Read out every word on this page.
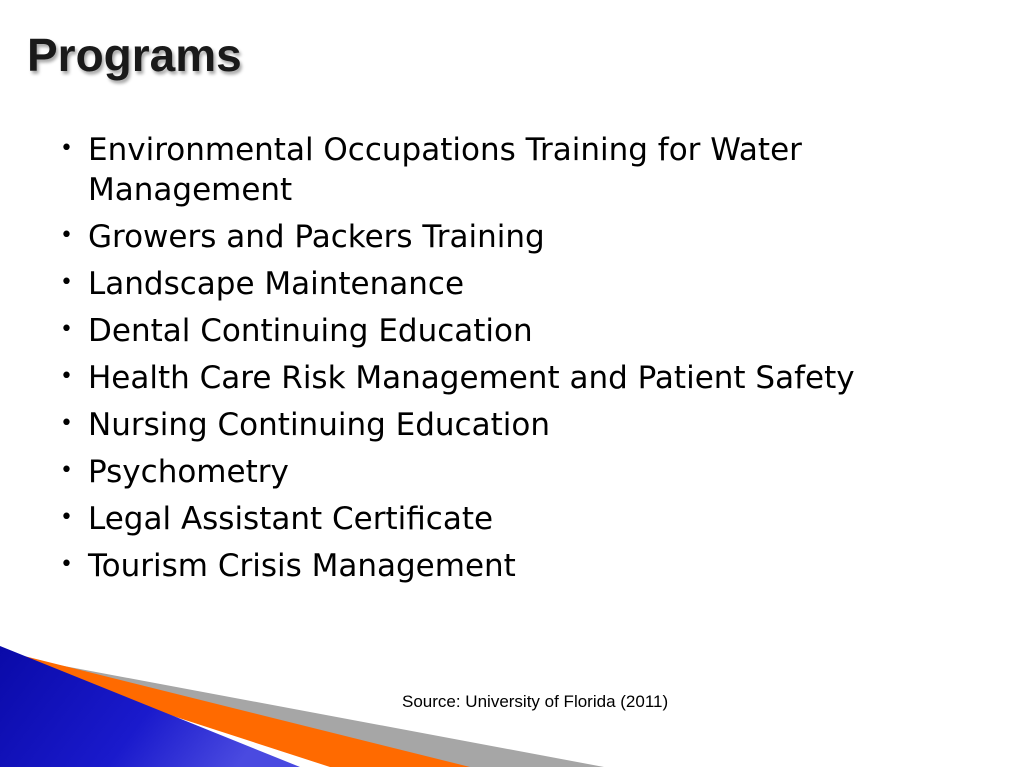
Programs
• Environmental Occupations Training for Water Management
• Growers and Packers Training
• Landscape Maintenance
• Dental Continuing Education
• Health Care Risk Management and Patient Safety
• Nursing Continuing Education
• Psychometry
• Legal Assistant Certificate
• Tourism Crisis Management
Source: University of Florida (2011)
